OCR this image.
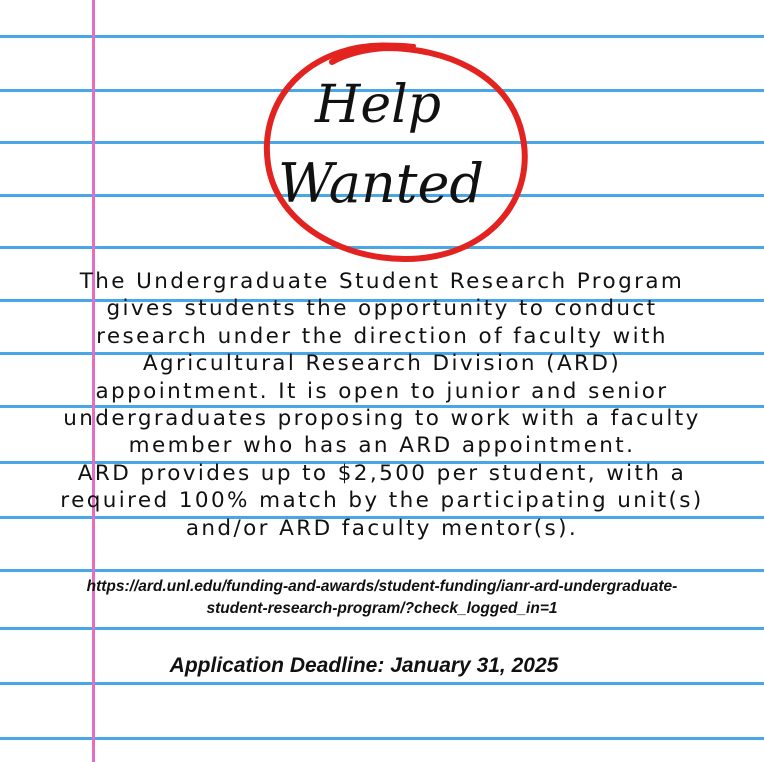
Help
Wanted
The Undergraduate Student Research Program
gives students the opportunity to conduct
research under the direction of faculty with
Agricultural Research Division (ARD)
appointment. It is open to junior and senior
undergraduates proposing to work with a faculty
member who has an ARD appointment.
ARD provides up to $2,500 per student, with a
required 100% match by the participating unit(s)
and/or ARD faculty mentor(s).
https://ard.unl.edu/funding-and-awards/student-funding/ianr-ard-undergraduate-
student-research-program/?check_logged_in=1
Application Deadline: January 31, 2025
